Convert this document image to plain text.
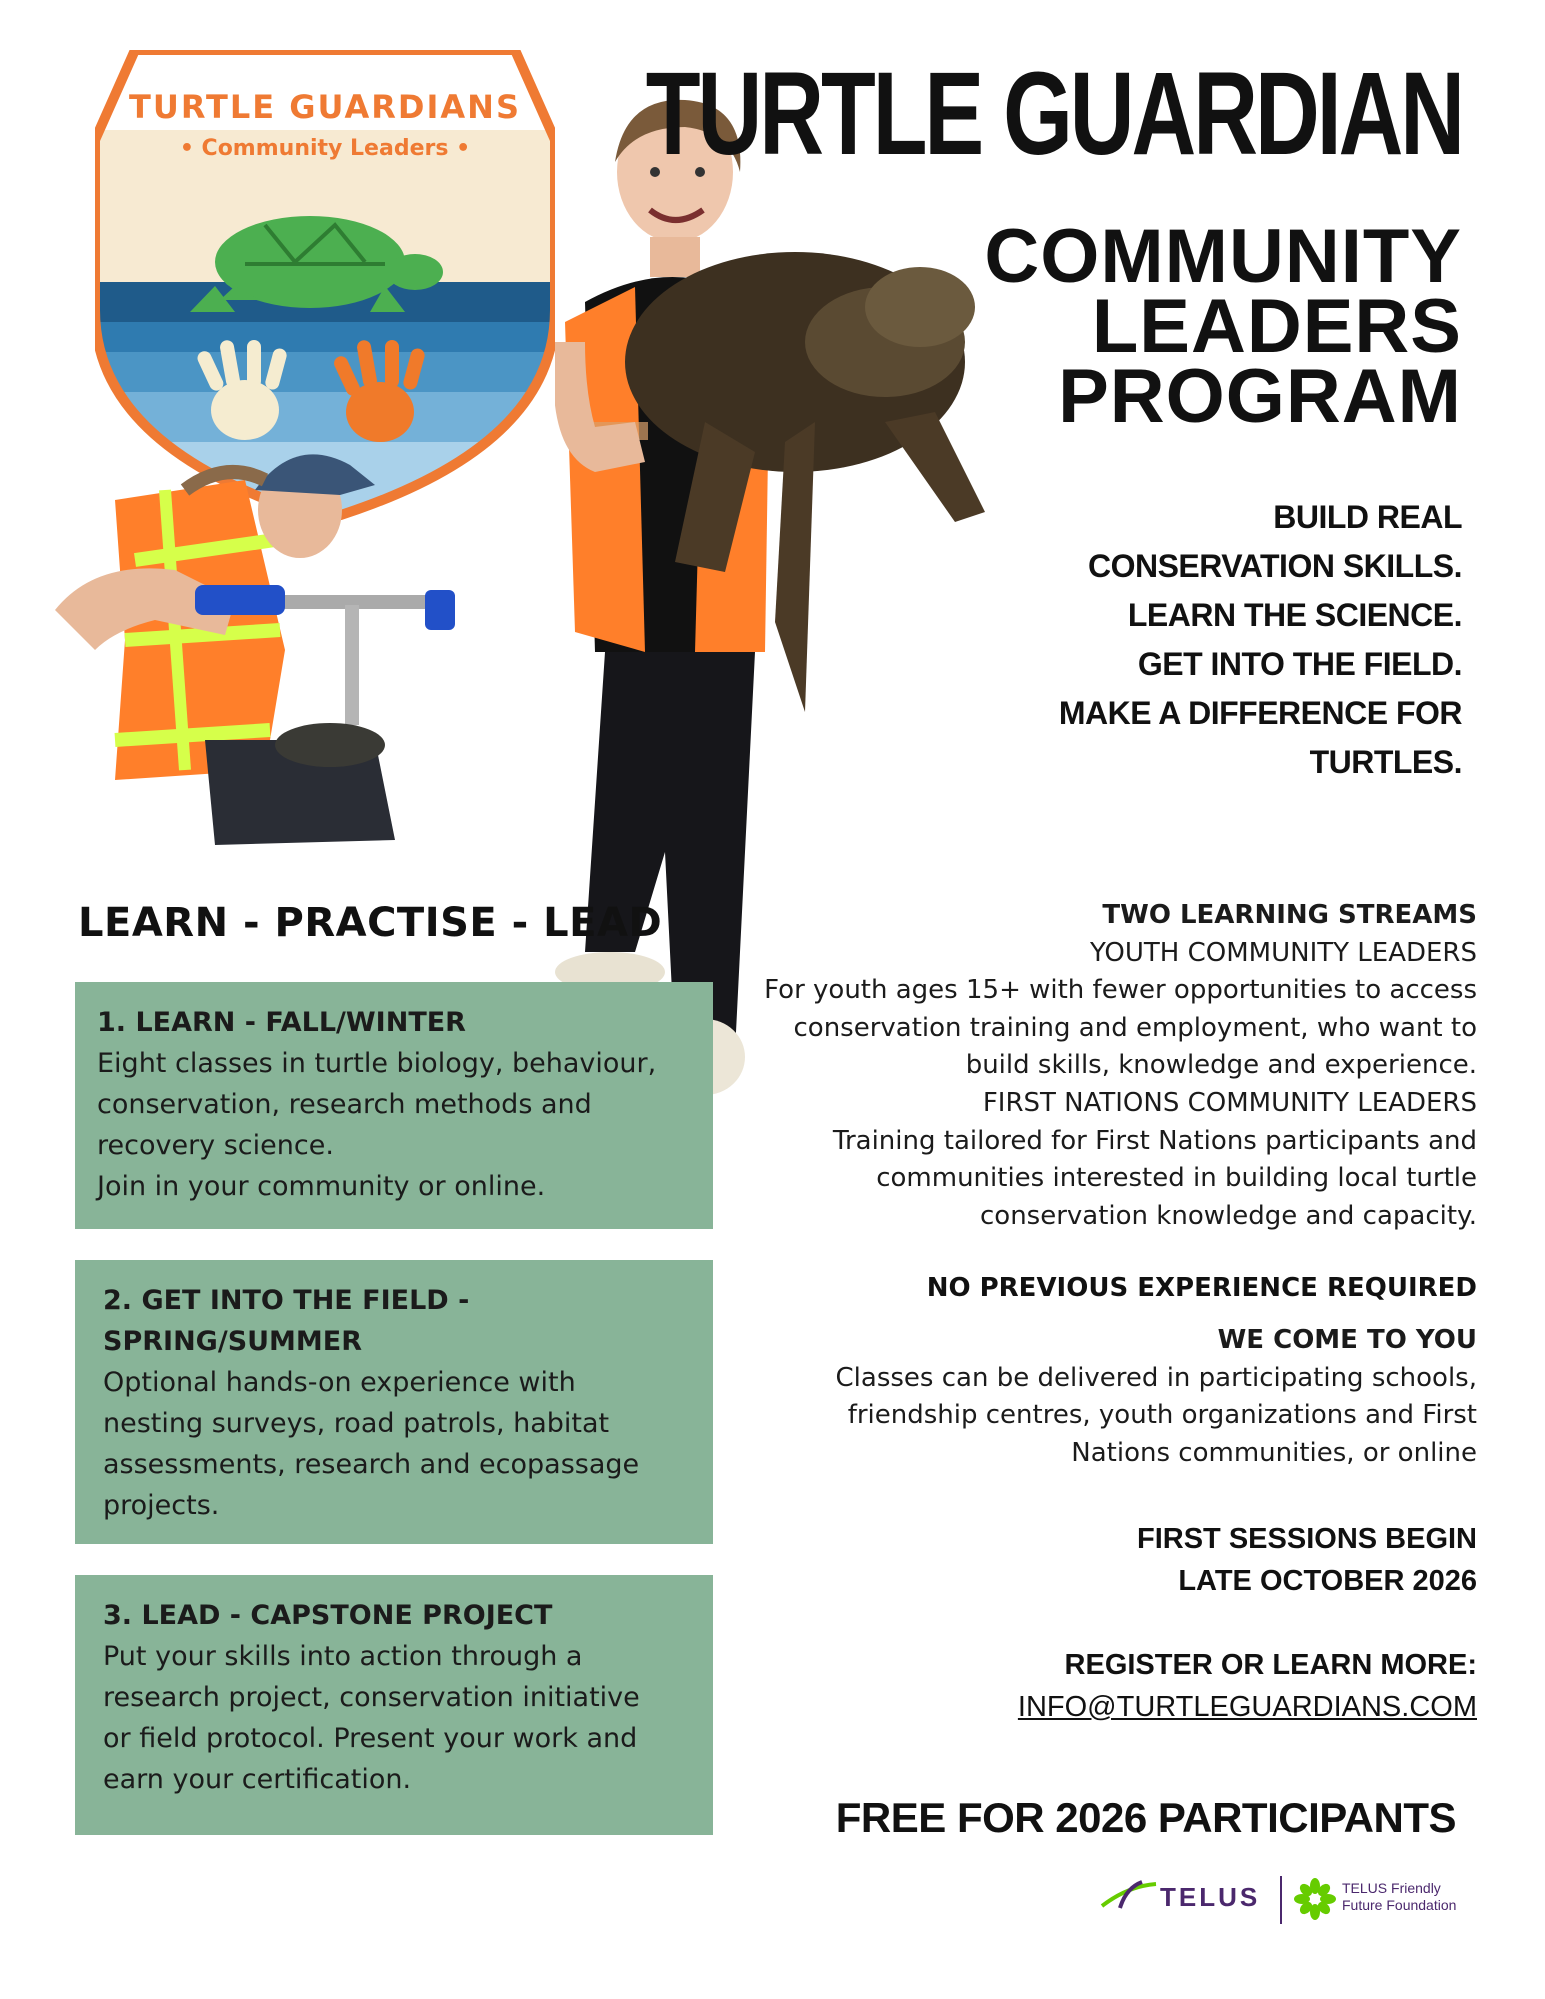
TURTLE GUARDIANS
• Community Leaders •	TURTLE GUARDIAN
COMMUNITY
LEADERS
PROGRAM
BUILD REAL
CONSERVATION SKILLS.
LEARN THE SCIENCE.
GET INTO THE FIELD.
MAKE A DIFFERENCE FOR
TURTLES.
LEARN - PRACTISE - LEAD
1. LEARN - FALL/WINTER
Eight classes in turtle biology, behaviour,
conservation, research methods and
recovery science.
Join in your community or online.
2. GET INTO THE FIELD -
SPRING/SUMMER
Optional hands-on experience with
nesting surveys, road patrols, habitat
assessments, research and ecopassage
projects.
3. LEAD - CAPSTONE PROJECT
Put your skills into action through a
research project, conservation initiative
or field protocol. Present your work and
earn your certification.
TWO LEARNING STREAMS
YOUTH COMMUNITY LEADERS
For youth ages 15+ with fewer opportunities to access
conservation training and employment, who want to
build skills, knowledge and experience.
FIRST NATIONS COMMUNITY LEADERS
Training tailored for First Nations participants and
communities interested in building local turtle
conservation knowledge and capacity.
NO PREVIOUS EXPERIENCE REQUIRED
WE COME TO YOU
Classes can be delivered in participating schools,
friendship centres, youth organizations and First
Nations communities, or online
FIRST SESSIONS BEGIN
LATE OCTOBER 2026
REGISTER OR LEARN MORE:
INFO@TURTLEGUARDIANS.COM
FREE FOR 2026 PARTICIPANTS
TELUS	TELUS Friendly
Future Foundation
